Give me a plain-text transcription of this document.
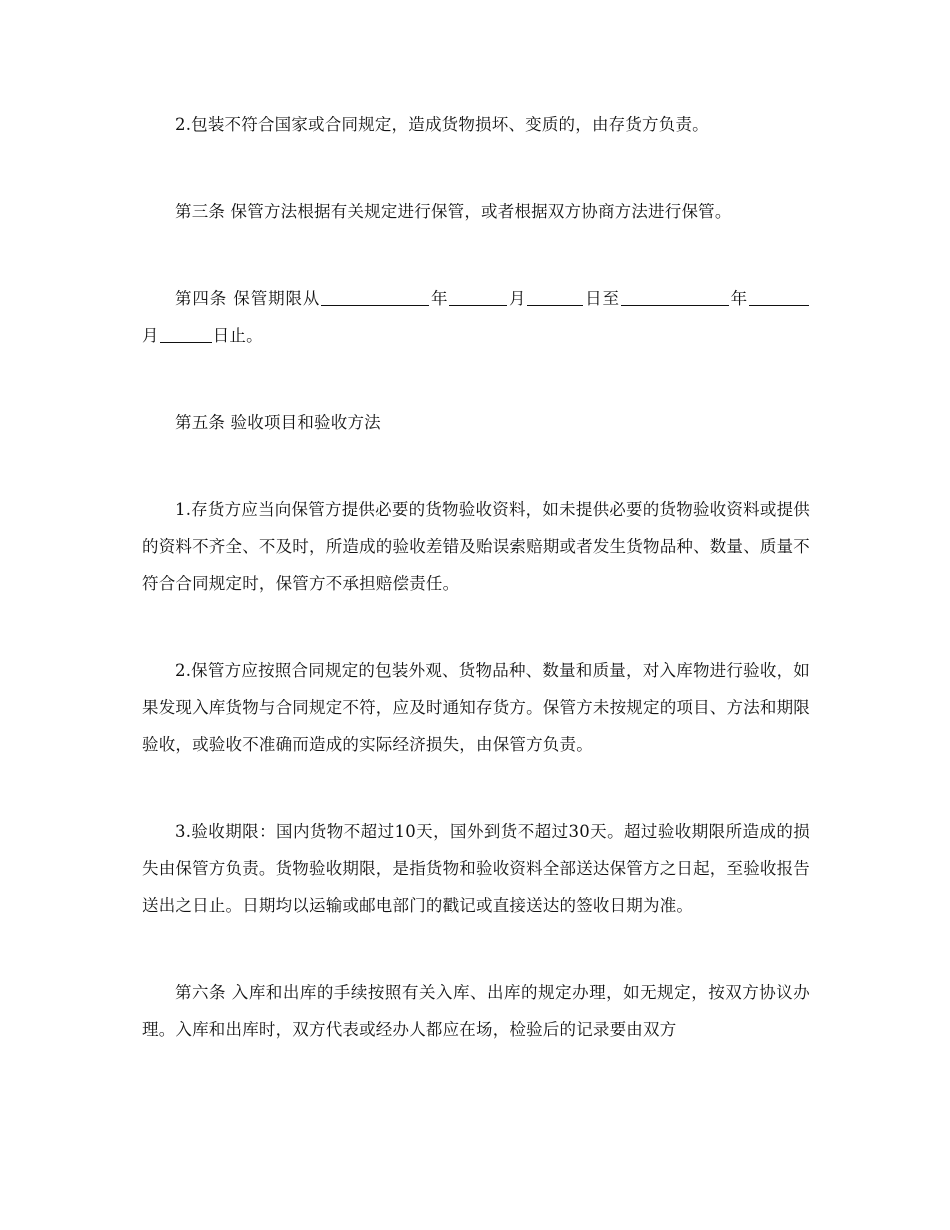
2.包装不符合国家或合同规定，造成货物损坏、变质的，由存货方负责。

第三条 保管方法根据有关规定进行保管，或者根据双方协商方法进行保管。

第四条 保管期限从	年	月	日至	年月	日止。

第五条 验收项目和验收方法

1.存货方应当向保管方提供必要的货物验收资料，如未提供必要的货物验收资料或提供的资料不齐全、不及时，所造成的验收差错及贻误索赔期或者发生货物品种、数量、质量不符合合同规定时，保管方不承担赔偿责任。

2.保管方应按照合同规定的包装外观、货物品种、数量和质量，对入库物进行验收，如果发现入库货物与合同规定不符，应及时通知存货方。保管方未按规定的项目、方法和期限验收，或验收不准确而造成的实际经济损失，由保管方负责。

3.验收期限：国内货物不超过10天，国外到货不超过30天。超过验收期限所造成的损失由保管方负责。货物验收期限，是指货物和验收资料全部送达保管方之日起，至验收报告送出之日止。日期均以运输或邮电部门的戳记或直接送达的签收日期为准。

第六条 入库和出库的手续按照有关入库、出库的规定办理，如无规定，按双方协议办理。入库和出库时，双方代表或经办人都应在场，检验后的记录要由双方
